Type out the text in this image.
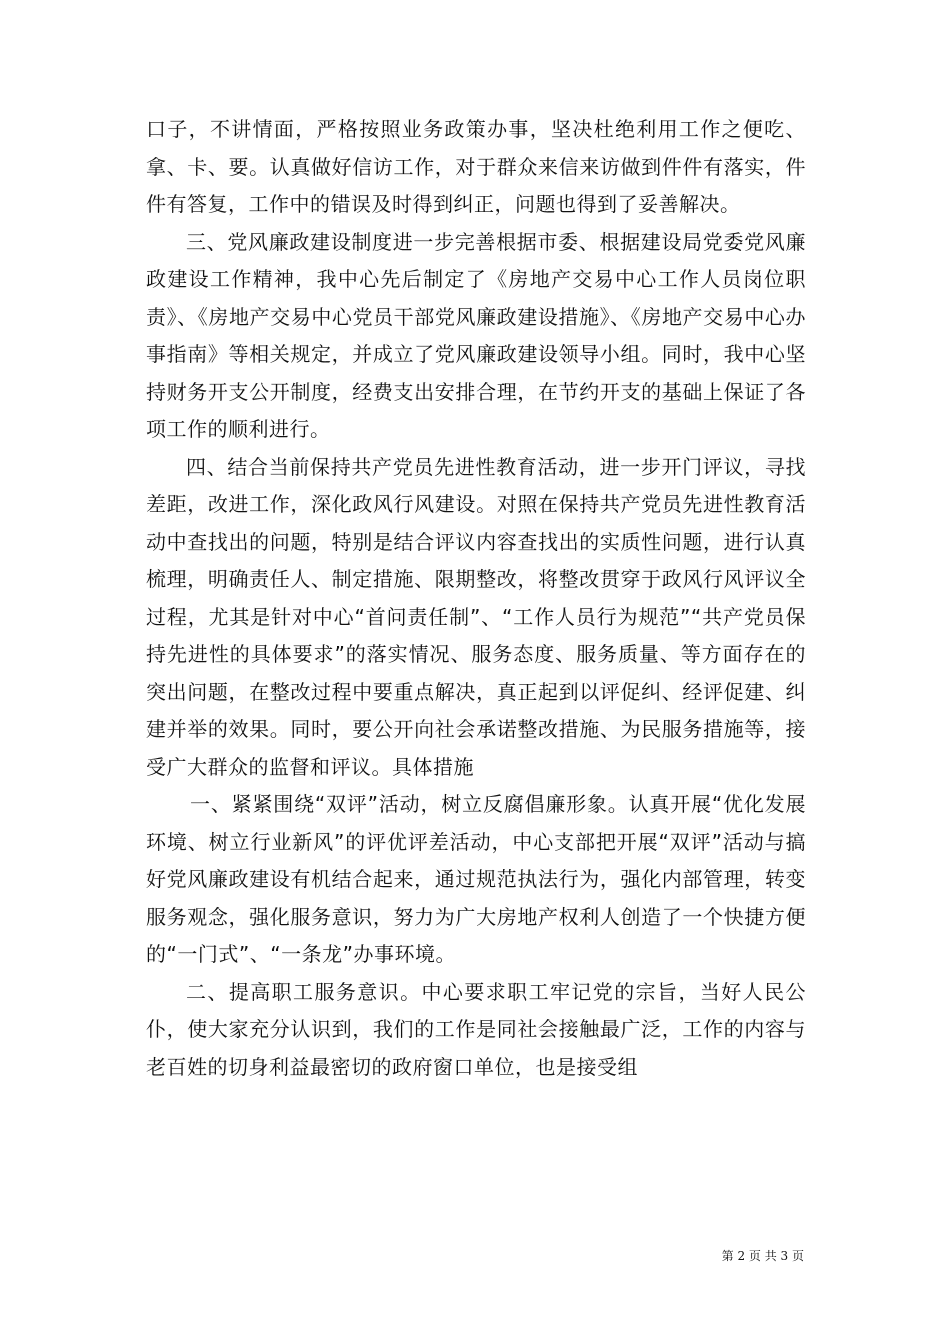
口子，不讲情面，严格按照业务政策办事，坚决杜绝利用工作之便吃、拿、卡、要。认真做好信访工作，对于群众来信来访做到件件有落实，件件有答复，工作中的错误及时得到纠正，问题也得到了妥善解决。

三、党风廉政建设制度进一步完善根据市委、根据建设局党委党风廉政建设工作精神，我中心先后制定了《房地产交易中心工作人员岗位职责》、《房地产交易中心党员干部党风廉政建设措施》、《房地产交易中心办事指南》等相关规定，并成立了党风廉政建设领导小组。同时，我中心坚持财务开支公开制度，经费支出安排合理，在节约开支的基础上保证了各项工作的顺利进行。

四、结合当前保持共产党员先进性教育活动，进一步开门评议，寻找差距，改进工作，深化政风行风建设。对照在保持共产党员先进性教育活动中查找出的问题，特别是结合评议内容查找出的实质性问题，进行认真梳理，明确责任人、制定措施、限期整改，将整改贯穿于政风行风评议全过程，尤其是针对中心“首问责任制”、“工作人员行为规范”“共产党员保持先进性的具体要求”的落实情况、服务态度、服务质量、等方面存在的突出问题，在整改过程中要重点解决，真正起到以评促纠、经评促建、纠建并举的效果。同时，要公开向社会承诺整改措施、为民服务措施等，接受广大群众的监督和评议。具体措施

一、紧紧围绕“双评”活动，树立反腐倡廉形象。认真开展“优化发展环境、树立行业新风”的评优评差活动，中心支部把开展“双评”活动与搞好党风廉政建设有机结合起来，通过规范执法行为，强化内部管理，转变服务观念，强化服务意识，努力为广大房地产权利人创造了一个快捷方便的“一门式”、“一条龙”办事环境。

二、提高职工服务意识。中心要求职工牢记党的宗旨，当好人民公仆，使大家充分认识到，我们的工作是同社会接触最广泛，工作的内容与老百姓的切身利益最密切的政府窗口单位，也是接受组

第 2 页 共 3 页
